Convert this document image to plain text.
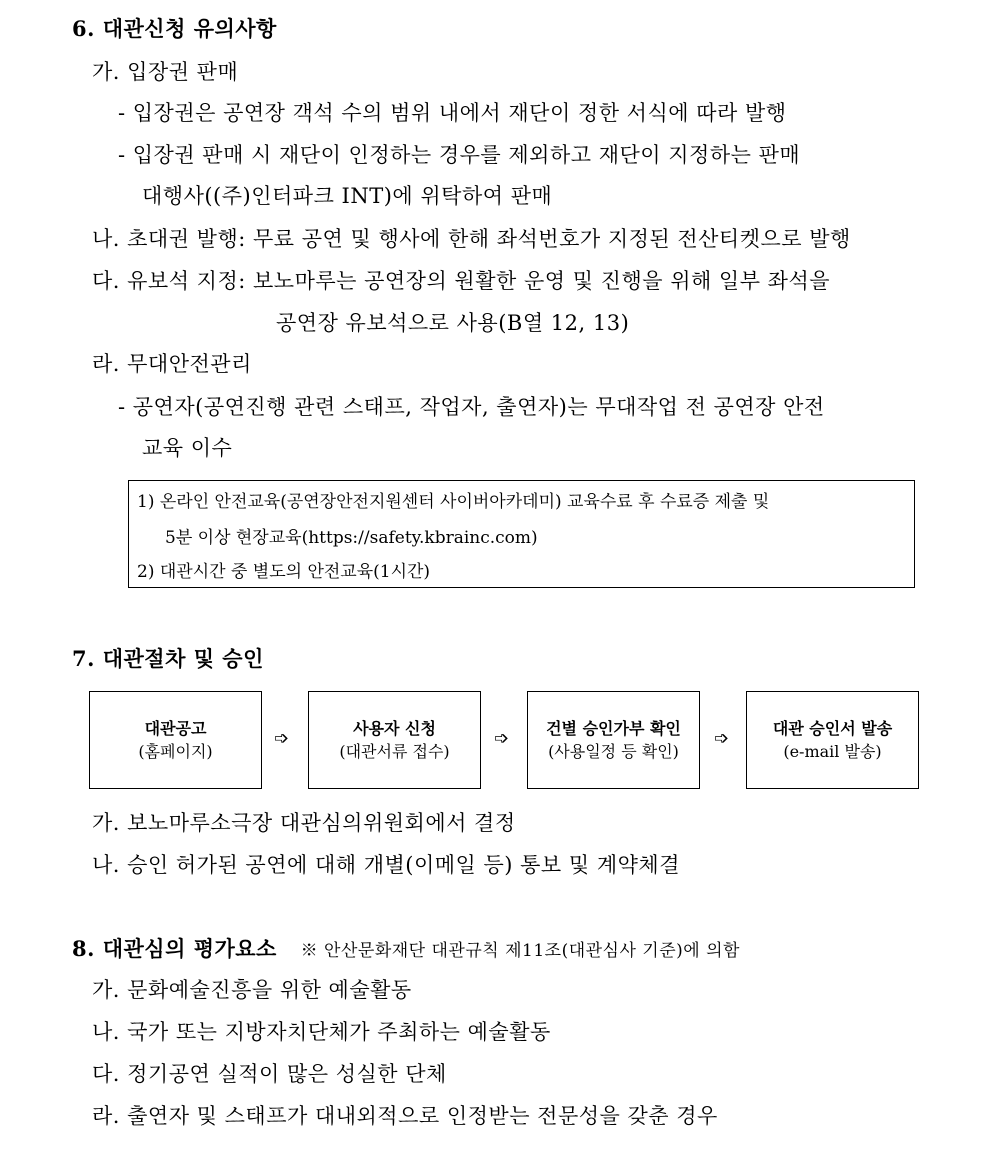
6. 대관신청 유의사항
가. 입장권 판매
- 입장권은 공연장 객석 수의 범위 내에서 재단이 정한 서식에 따라 발행
- 입장권 판매 시 재단이 인정하는 경우를 제외하고 재단이 지정하는 판매
대행사((주)인터파크 INT)에 위탁하여 판매
나. 초대권 발행: 무료 공연 및 행사에 한해 좌석번호가 지정된 전산티켓으로 발행
다. 유보석 지정: 보노마루는 공연장의 원활한 운영 및 진행을 위해 일부 좌석을
공연장 유보석으로 사용(B열 12, 13)
라. 무대안전관리
- 공연자(공연진행 관련 스태프, 작업자, 출연자)는 무대작업 전 공연장 안전
교육 이수
1) 온라인 안전교육(공연장안전지원센터 사이버아카데미) 교육수료 후 수료증 제출 및
5분 이상 현장교육(https://safety.kbrainc.com)
2) 대관시간 중 별도의 안전교육(1시간)
7. 대관절차 및 승인
대관공고
(홈페이지)
➩	사용자 신청
(대관서류 접수)
➩ 건별 승인가부 확인
(사용일정 등 확인)
➩	대관 승인서 발송
(e-mail 발송)
가. 보노마루소극장 대관심의위원회에서 결정
나. 승인 허가된 공연에 대해 개별(이메일 등) 통보 및 계약체결
8. 대관심의 평가요소 ※ 안산문화재단 대관규칙 제11조(대관심사 기준)에 의함
가. 문화예술진흥을 위한 예술활동
나. 국가 또는 지방자치단체가 주최하는 예술활동
다. 정기공연 실적이 많은 성실한 단체
라. 출연자 및 스태프가 대내외적으로 인정받는 전문성을 갖춘 경우
